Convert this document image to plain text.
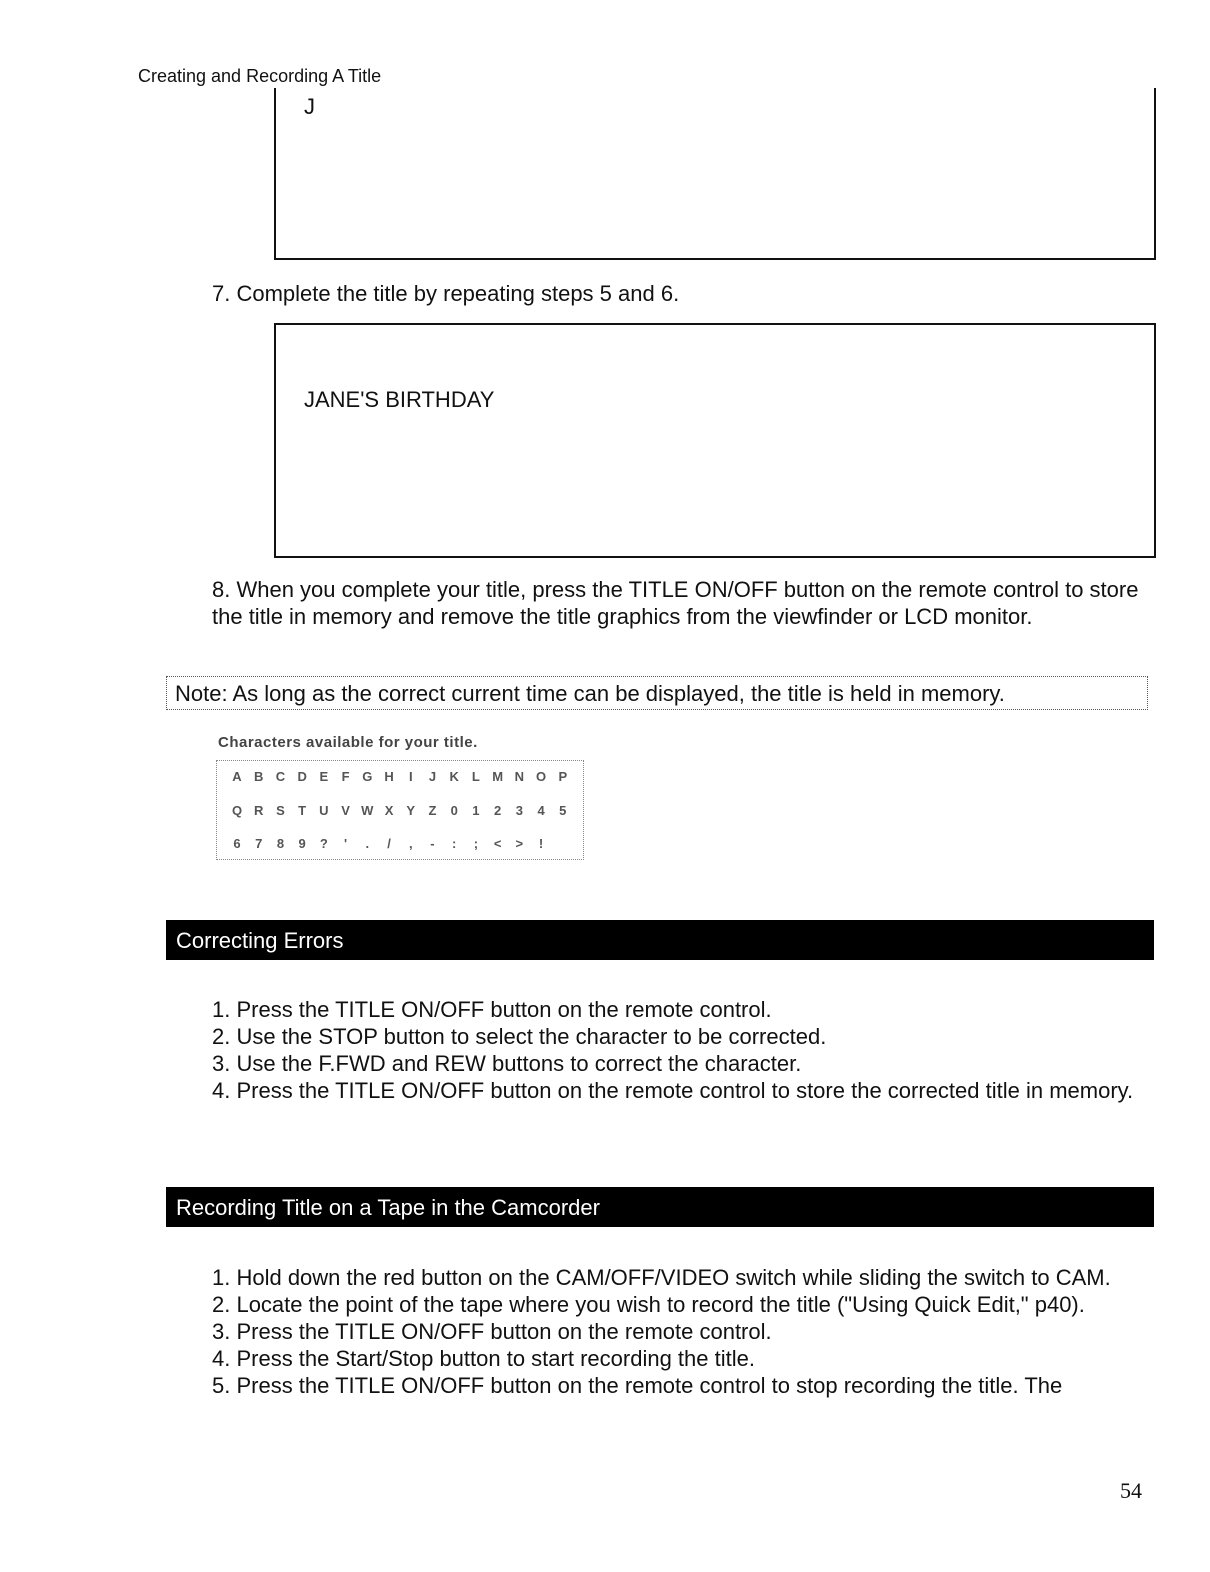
Creating and Recording A Title
J
7. Complete the title by repeating steps 5 and 6.
JANE'S BIRTHDAY
8. When you complete your title, press the TITLE ON/OFF button on the remote control to store the title in memory and remove the title graphics from the viewfinder or LCD monitor.
Note: As long as the correct current time can be displayed, the title is held in memory.
Characters available for your title.
A B C D E	F G H	I	J	K	L M N O P
Q R S	T	U V W X	Y	Z	0	1	2	3	4	5
6	7	8	9	?	'	.	/	,	-	:	;	<	>	!
Correcting Errors

1. Press the TITLE ON/OFF button on the remote control.

2. Use the STOP button to select the character to be corrected.

3. Use the F.FWD and REW buttons to correct the character.

4. Press the TITLE ON/OFF button on the remote control to store the corrected title in memory.

Recording Title on a Tape in the Camcorder

1. Hold down the red button on the CAM/OFF/VIDEO switch while sliding the switch to CAM.

2. Locate the point of the tape where you wish to record the title ("Using Quick Edit," p40).

3. Press the TITLE ON/OFF button on the remote control.

4. Press the Start/Stop button to start recording the title.

5. Press the TITLE ON/OFF button on the remote control to stop recording the title. The

54
